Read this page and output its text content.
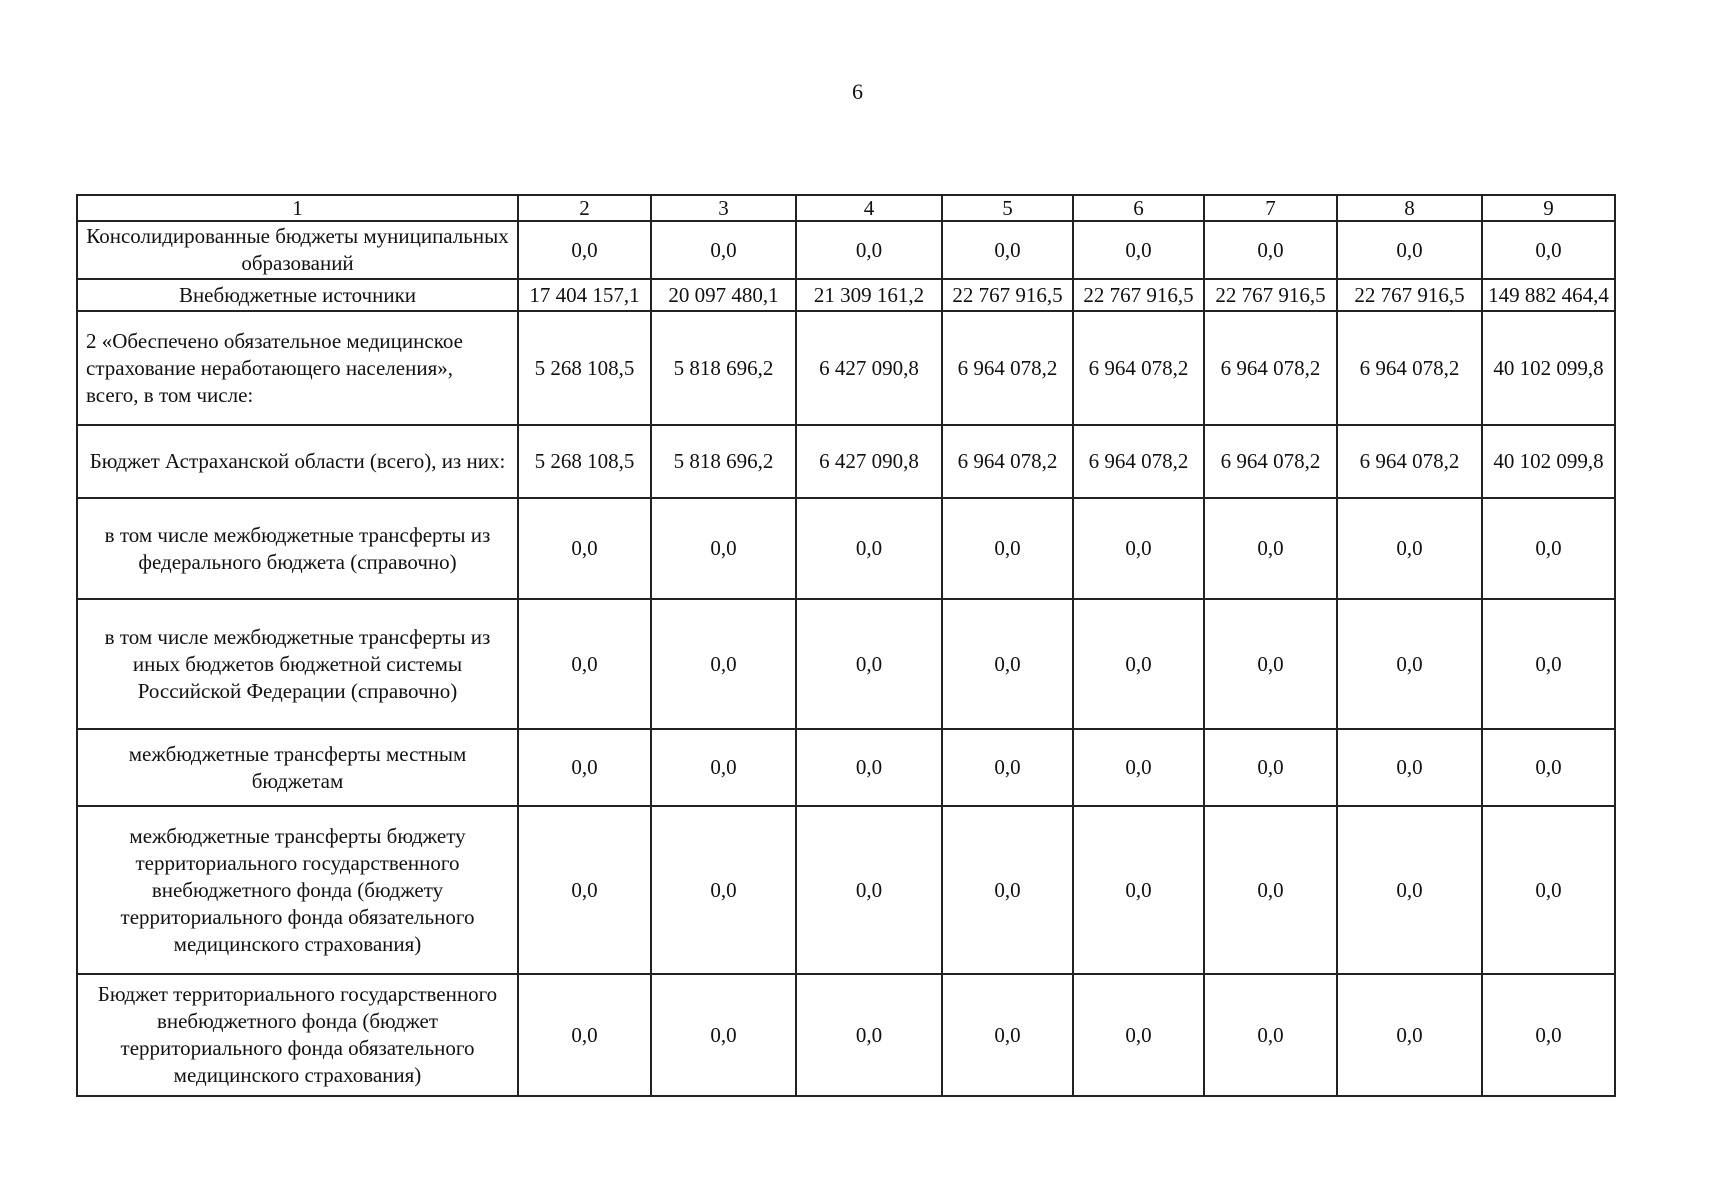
6
1	2	3	4	5	6	7	8	9
Консолидированные бюджеты муниципальных образований	0,0	0,0	0,0	0,0	0,0	0,0	0,0	0,0
Внебюджетные источники	17 404 157,1	20 097 480,1	21 309 161,2	22 767 916,5	22 767 916,5	22 767 916,5	22 767 916,5	149 882 464,4
2 «Обеспечено обязательное медицинское страхование неработающего населения», всего, в том числе:	5 268 108,5	5 818 696,2	6 427 090,8	6 964 078,2	6 964 078,2	6 964 078,2	6 964 078,2	40 102 099,8
Бюджет Астраханской области (всего), из них:	5 268 108,5	5 818 696,2	6 427 090,8	6 964 078,2	6 964 078,2	6 964 078,2	6 964 078,2	40 102 099,8
в том числе межбюджетные трансферты из федерального бюджета (справочно)	0,0	0,0	0,0	0,0	0,0	0,0	0,0	0,0
в том числе межбюджетные трансферты из иных бюджетов бюджетной системы Российской Федерации (справочно)	0,0	0,0	0,0	0,0	0,0	0,0	0,0	0,0
межбюджетные трансферты местным бюджетам	0,0	0,0	0,0	0,0	0,0	0,0	0,0	0,0
межбюджетные трансферты бюджету территориального государственного внебюджетного фонда (бюджету территориального фонда обязательного медицинского страхования)	0,0	0,0	0,0	0,0	0,0	0,0	0,0	0,0
Бюджет территориального государственного внебюджетного фонда (бюджет территориального фонда обязательного медицинского страхования)	0,0	0,0	0,0	0,0	0,0	0,0	0,0	0,0
